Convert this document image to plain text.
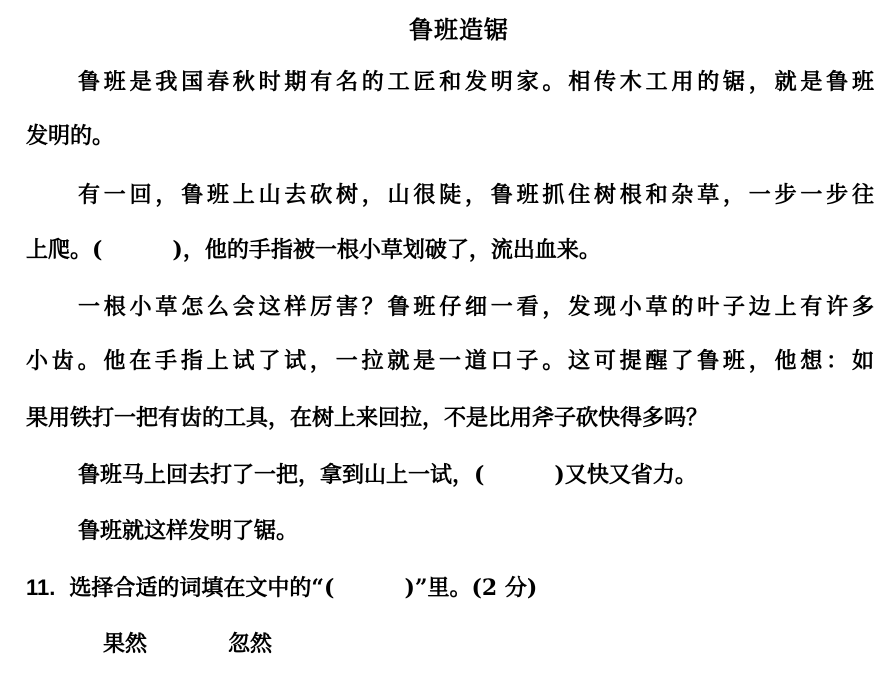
鲁班造锯
鲁班是我国春秋时期有名的工匠和发明家。相传木工用的锯，就是鲁班
发明的。
有一回，鲁班上山去砍树，山很陡，鲁班抓住树根和杂草，一步一步往
上爬。(	)，他的手指被一根小草划破了，流出血来。
一根小草怎么会这样厉害？鲁班仔细一看，发现小草的叶子边上有许多
小齿。他在手指上试了试，一拉就是一道口子。这可提醒了鲁班，他想：如
果用铁打一把有齿的工具，在树上来回拉，不是比用斧子砍快得多吗？
鲁班马上回去打了一把，拿到山上一试，(	)又快又省力。
鲁班就这样发明了锯。
11. 选择合适的词填在文中的“(	)”里。(2 分)
果然	忽然
